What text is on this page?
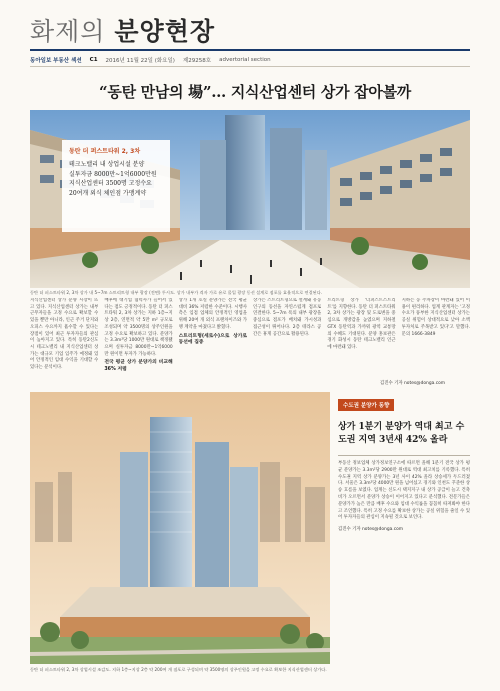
화제의 분양현장
동아일보 부동산 섹션 C1 2016년 11월 22일 (화요일) 제29258호 advertorial section
“동탄 만남의 場”… 지식산업센터 상가 잡아볼까
동탄 더 퍼스트타워 2, 3차
테크노밸리 내 상업시설 분양
실투자금 8000만~1억6000만원
지식산업센터 3500명 고정수요
20여개 외식 체인점 가맹계약
동탄 더 퍼스트타워 2, 3차 상가 내 5~7m 스트리트형 내부 광장 (전면) 투시도. 상가 내부가 격자 가로 유로 몰입 광장 동선 설계로 점포를 효율적으로 연결된다.

지식산업센터 상가 분양 시장이 뜨고 있다. 지식산업센터 상가는 내부 근무자들을 고정 수요로 확보할 수 있을 뿐만 아니라, 인근 주거 단지와 오피스 수요까지 흡수할 수 있다는 장점이 있어 최근 투자자들의 관심이 높아지고 있다. 특히 동탄2신도시 테크노밸리 내 지식산업센터 상가는 대규모 기업 입주가 예정돼 있어 안정적인 임대 수익을 기대할 수 있다는 분석이다.

배후에 대기업 협력사가 들어서 있다는 점도 긍정적이다. 동탄 더 퍼스트타워 2, 3차 상가는 지하 1층~지상 2층, 연면적 약 5만 m² 규모로 조성되며 약 3500명의 상주인원을 고정 수요로 확보하고 있다. 분양가는 3.3m²당 1000만 원대로 책정됐으며 실투자금 8000만~1억6000만 원이면 투자가 가능하다.

전국 평균 상가 분양가의 비교해 36% 저렴

상가 1개 호실 분양가는 전국 평균 대비 36% 저렴한 수준이다. 시행사 측은 입점 업체의 안정적인 영업을 위해 20여 개 외식 프랜차이즈와 가맹 계약을 마쳤다고 밝혔다.

스트리트형(세로수)으로 상가로 동선에 집중

상가는 스트리트형으로 설계돼 유동인구의 동선을 자연스럽게 점포로 연결한다. 5~7m 폭의 내부 광장을 중심으로 점포가 배치돼 가시성과 접근성이 뛰어나다. 2층 테라스 공간은 휴게 공간으로 활용된다.

트리트형 상가 '더퍼스트스트리트'를 지향한다. 동탄 더 퍼스트타워 2, 3차 상가는 광장 및 도로변을 중심으로 개방감을 높였으며 지하철 GTX 동탄역과 가까워 광역 교통망의 수혜도 기대된다. 분양 홍보관은 경기 화성시 동탄 테크노밸리 인근에 마련돼 있다.

지하는 동 주차장이 마련돼 있어 이용이 편리하다. 업계 관계자는 '고정 수요가 풍부한 지식산업센터 상가는 공실 위험이 상대적으로 낮아 소액 투자처로 주목받고 있다'고 말했다. 문의 1666-3849

김진수 기자 notes@donga.com
수도권 분양가 동향
상가 1분기 분양가 역대 최고 수도권 지역 3년새 42% 올라
부동산 정보업체 상가정보연구소에 따르면 올해 1분기 전국 상가 평균 분양가는 3.3m²당 2900만 원대로 역대 최고치를 기록했다. 특히 수도권 지역 상가 분양가는 3년 사이 42% 올라 상승세가 두드러졌다. 서울은 3.3m²당 4000만 원을 넘어섰고 경기와 인천도 꾸준한 상승 흐름을 보였다. 업계는 신도시 택지지구 내 상가 공급이 늘고 건축비가 오르면서 분양가 상승이 이어지고 있다고 분석했다. 전문가들은 분양가가 높은 만큼 배후 수요와 임대 수익률을 꼼꼼히 따져봐야 한다고 조언했다. 특히 고정 수요를 확보한 상가는 공실 위험을 줄일 수 있어 투자자들의 관심이 지속될 것으로 보인다.
김진수 기자 notes@donga.com
동탄 더 퍼스트타워 2, 3차 상업시설 조감도. 지하 1층~지상 2층 약 200여 개 점포로 구성되며 약 3500명의 상주인원을 고정 수요로 확보한 지식산업센터 상가다.
